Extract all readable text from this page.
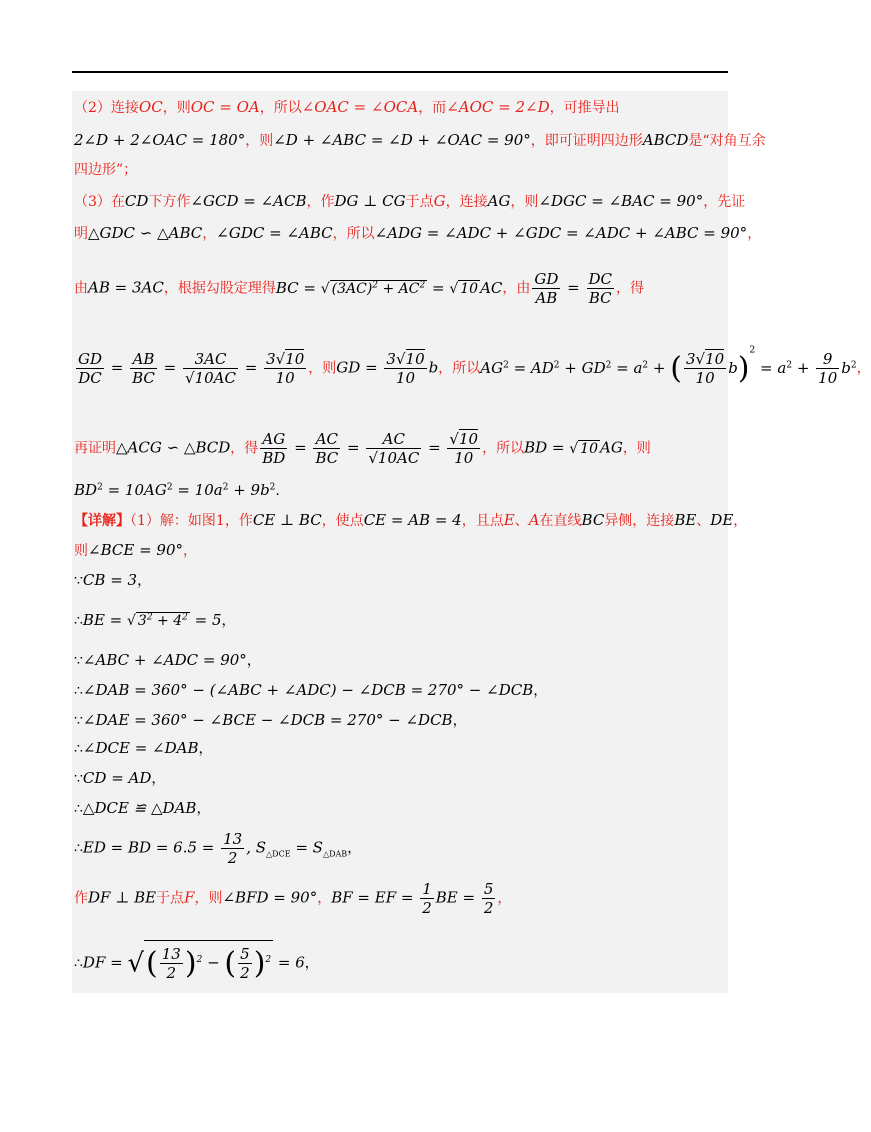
（2）连接OC，则OC = OA，所以∠OAC = ∠OCA，而∠AOC = 2∠D，可推导出
2∠D + 2∠OAC = 180°，则∠D + ∠ABC = ∠D + ∠OAC = 90°，即可证明四边形ABCD是“对角互余
四边形”；
（3）在CD下方作∠GCD = ∠ACB，作DG ⊥ CG于点G，连接AG，则∠DGC = ∠BAC = 90°，先证
明△GDC ∽ △ABC，∠GDC = ∠ABC，所以∠ADG = ∠ADC + ∠GDC = ∠ADC + ∠ABC = 90°，
由AB = 3AC，根据勾股定理得BC = √ $(3AC)^2 + AC^2$ = √ 10 AC，由 $\frac{GD}{AB} = \frac{DC}{BC}$ ，得
$\frac{GD}{DC} = \frac{AB}{BC} = \frac{3AC}{√10AC} = \frac{3√10}{10}$ ，则GD = $\frac{3√10}{10}$ b，所以$AG^2 = AD^2 + GD^2 = a^2$ + ( $\frac{3√10}{10} b)^2 = a^2 + \frac{9}{10} b^2$，
再证明△ACG ∽ △BCD，得 $\frac{AG}{BD} = \frac{AC}{BC} = \frac{AC}{√10AC} = \frac{√10}{10}$ ，所以BD = √ 10 AG，则
$BD^2 = 10AG^2 = 10a^2 + 9b^2$.
【详解】（1）解：如图1，作CE ⊥ BC，使点CE = AB = 4，且点E、A在直线BC异侧，连接BE、DE，
则∠BCE = 90°，
∵CB = 3，
∴BE = √ $3^2 + 4^2 = 5$，
∵∠ABC + ∠ADC = 90°，
∴∠DAB = 360° − (∠ABC + ∠ADC) − ∠DCB = 270° − ∠DCB，
∵∠DAE = 360° − ∠BCE − ∠DCB = 270° − ∠DCB，
∴∠DCE = ∠DAB，
∵CD = AD，
∴△DCE ≌ △DAB，
∴ED = BD = $6.5 = \frac{13}{2}$ , $S_{\triangle DCE} = S_{\triangle DAB}$，
作DF ⊥ BE于点F，则∠BFD = 90°，BF = EF = $\frac{1}{2}$ BE = $\frac{5}{2}$ ，
∴DF = √( $\frac{13}{2} )^2$ − ( $\frac{5}{2} )^2 = 6$，
